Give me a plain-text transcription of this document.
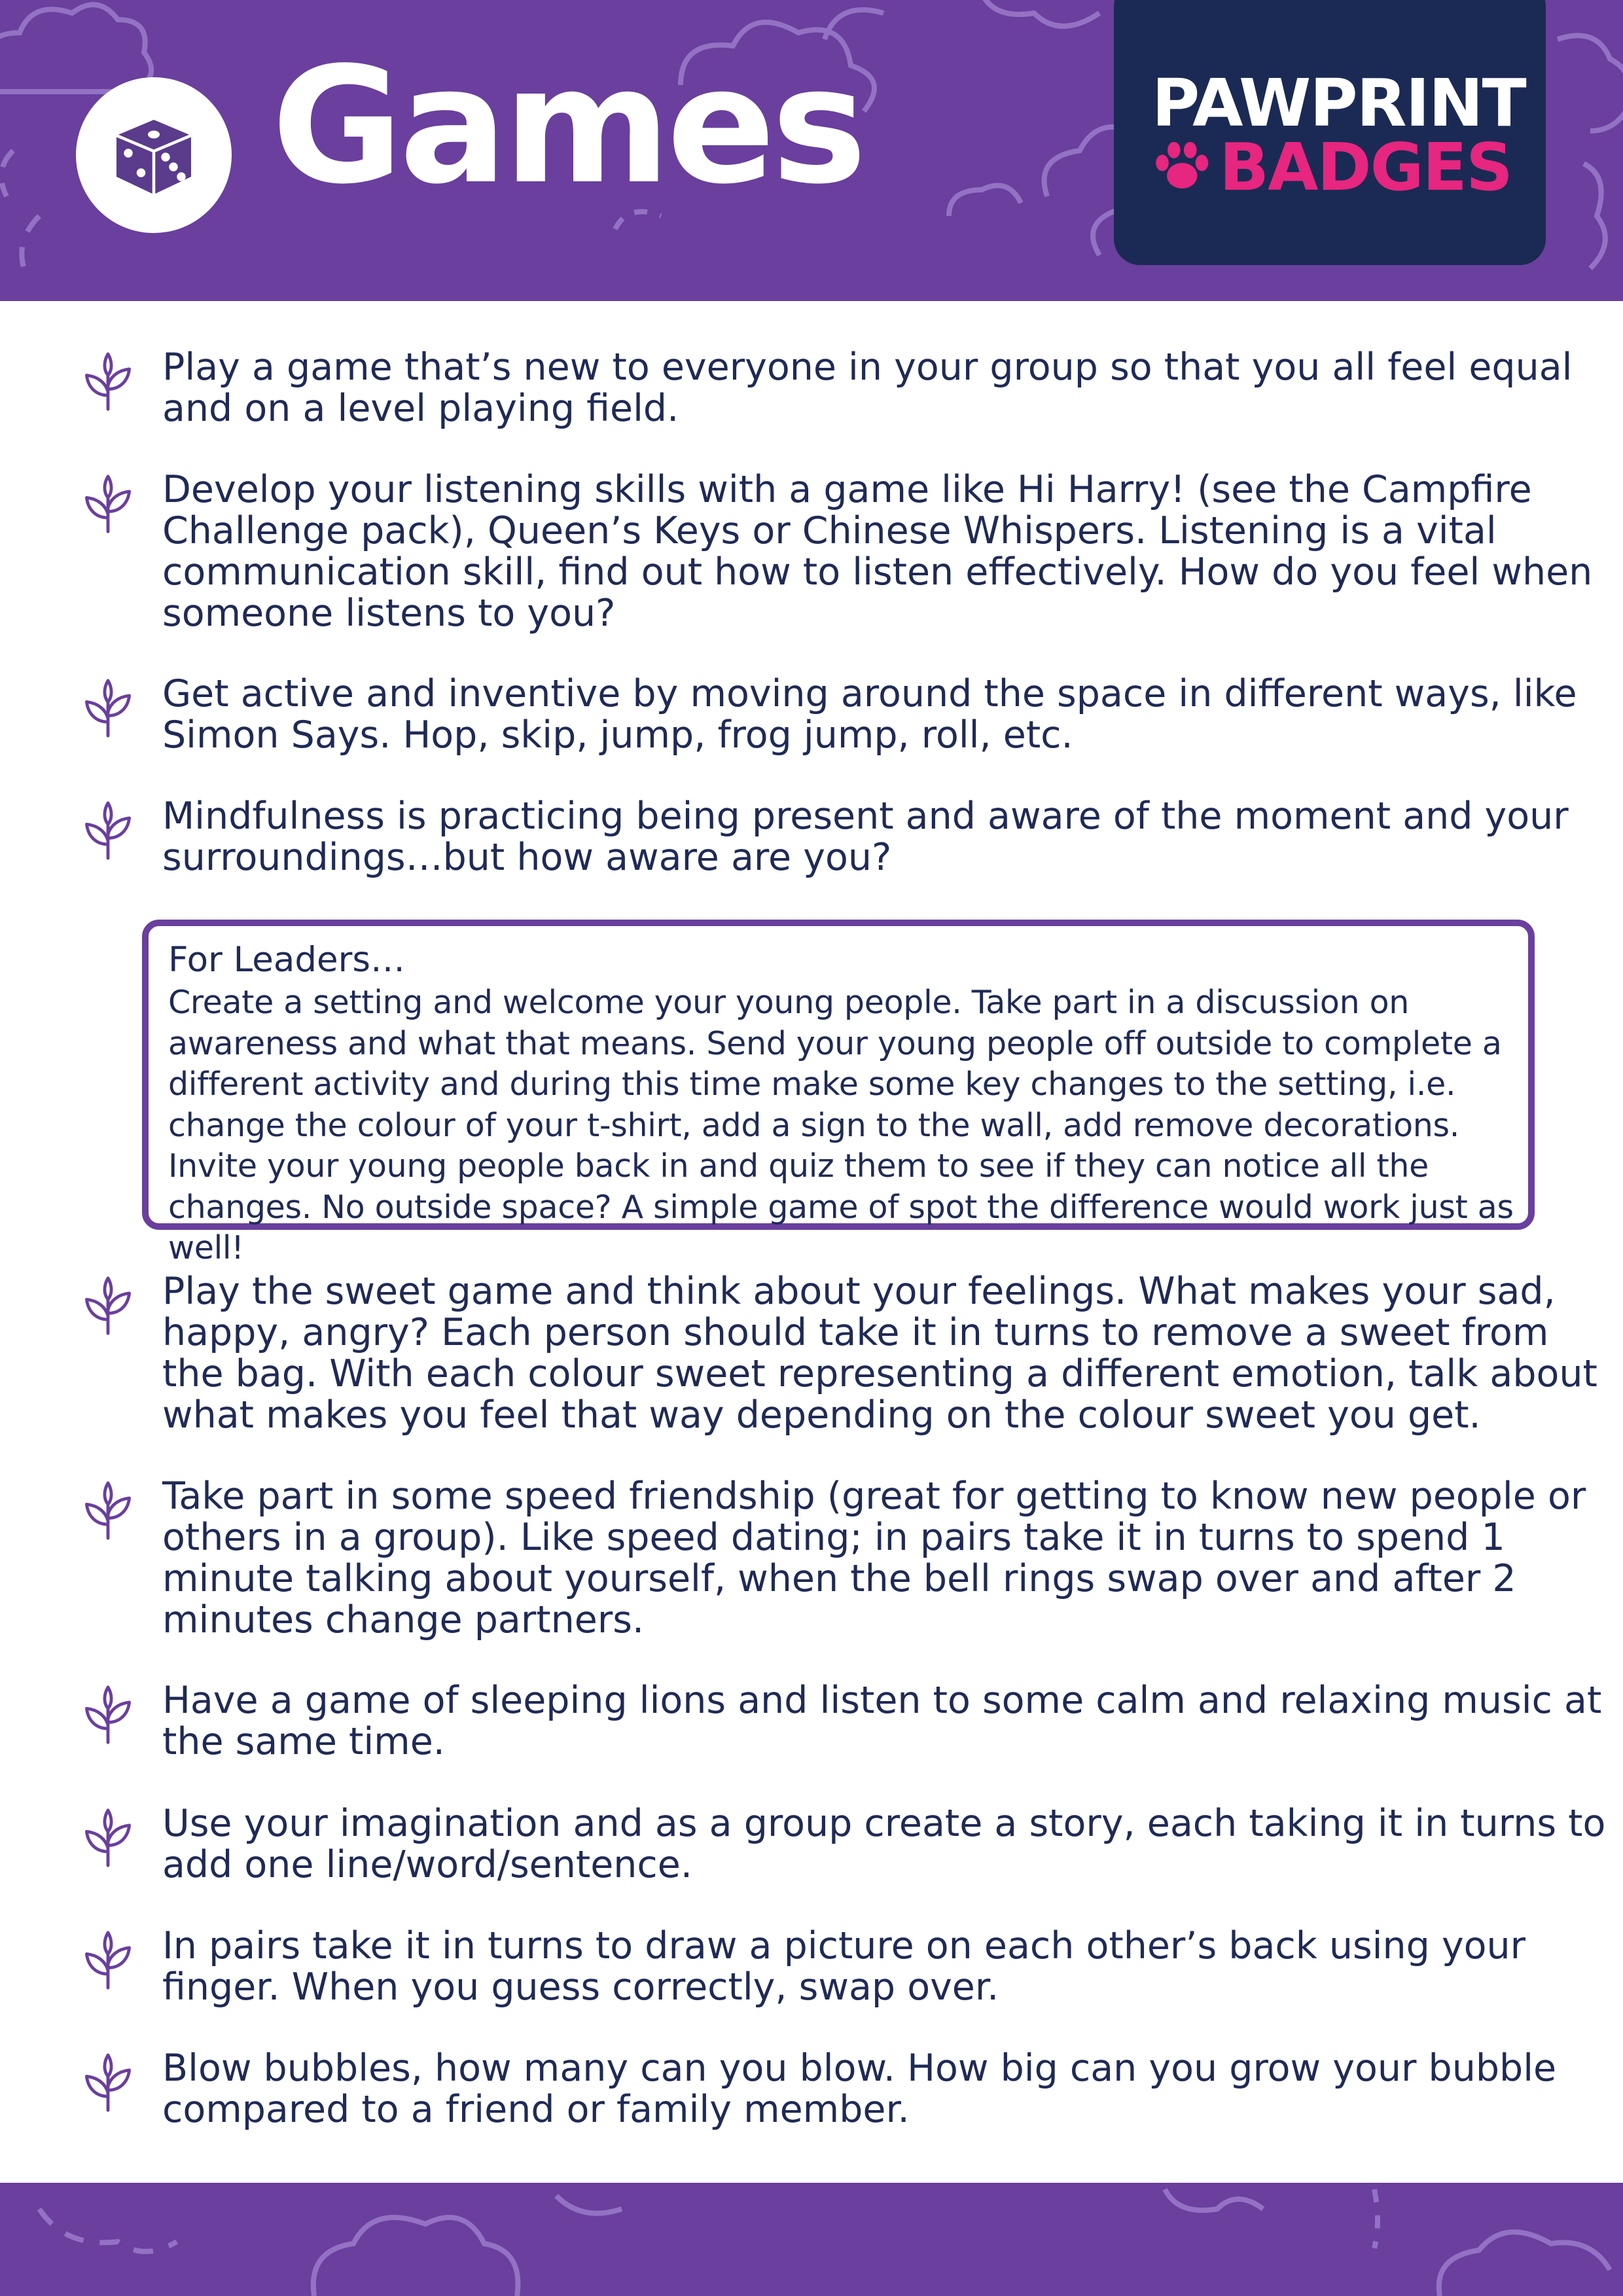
Games	PAWPRINT
BADGES

Play a game that’s new to everyone in your group so that you all feel equal and on a level playing field.

Develop your listening skills with a game like Hi Harry! (see the Campfire Challenge pack), Queen’s Keys or Chinese Whispers. Listening is a vital communication skill, find out how to listen effectively. How do you feel when someone listens to you?

Get active and inventive by moving around the space in different ways, like Simon Says. Hop, skip, jump, frog jump, roll, etc.

Mindfulness is practicing being present and aware of the moment and your surroundings…but how aware are you?

For Leaders…
Create a setting and welcome your young people. Take part in a discussion on awareness and what that means. Send your young people off outside to complete a different activity and during this time make some key changes to the setting, i.e. change the colour of your t-shirt, add a sign to the wall, add remove decorations. Invite your young people back in and quiz them to see if they can notice all the changes. No outside space? A simple game of spot the difference would work just as well!

Play the sweet game and think about your feelings. What makes your sad, happy, angry? Each person should take it in turns to remove a sweet from the bag. With each colour sweet representing a different emotion, talk about what makes you feel that way depending on the colour sweet you get.

Take part in some speed friendship (great for getting to know new people or others in a group). Like speed dating; in pairs take it in turns to spend 1 minute talking about yourself, when the bell rings swap over and after 2 minutes change partners.

Have a game of sleeping lions and listen to some calm and relaxing music at the same time.

Use your imagination and as a group create a story, each taking it in turns to add one line/word/sentence.

In pairs take it in turns to draw a picture on each other’s back using your finger. When you guess correctly, swap over.

Blow bubbles, how many can you blow. How big can you grow your bubble compared to a friend or family member.
